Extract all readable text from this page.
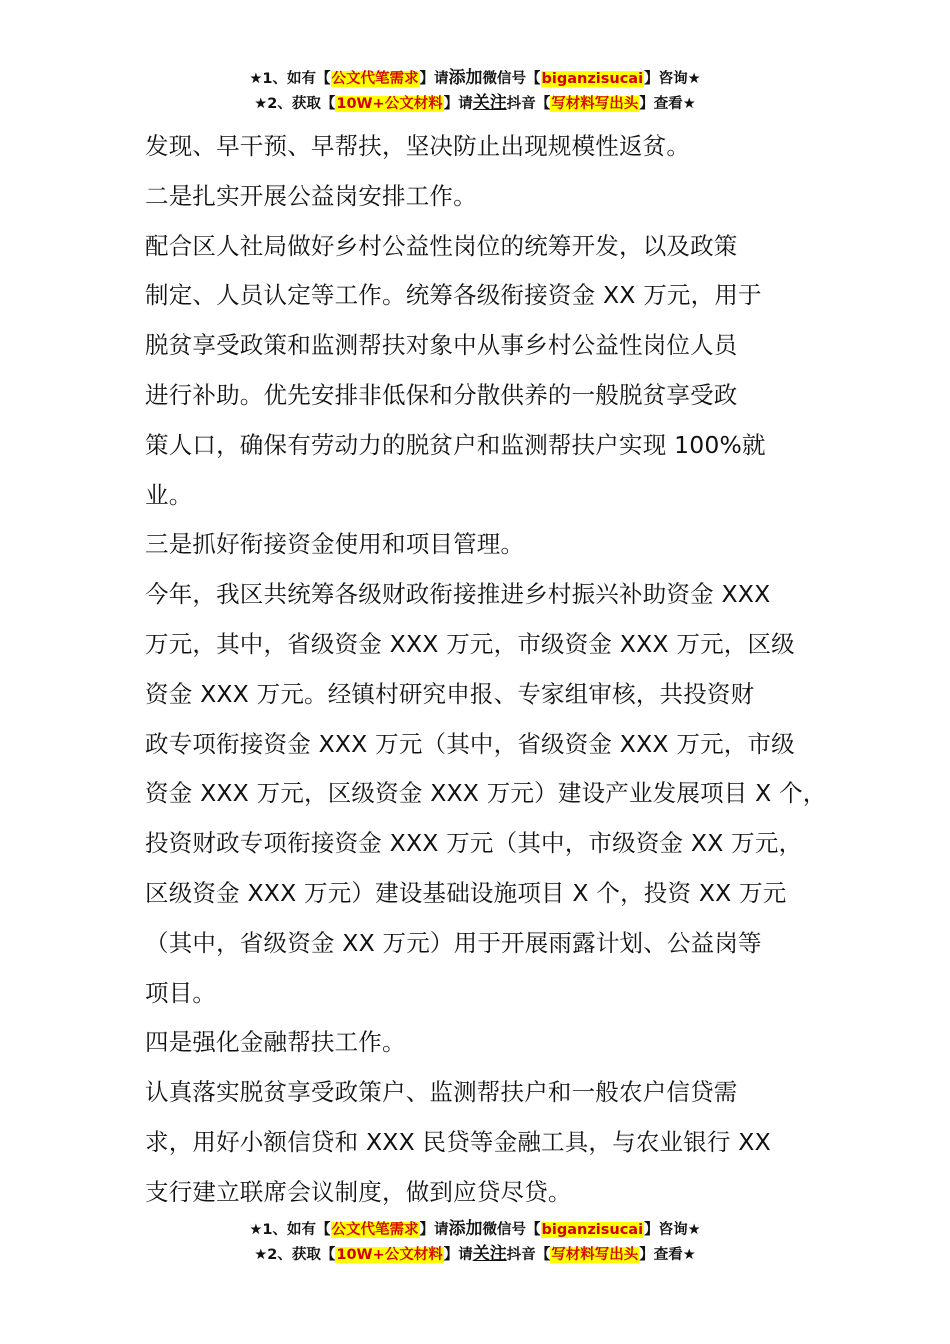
★1、如有【公文代笔需求】请添加微信号【biganzisucai】咨询★
★2、获取【10W+公文材料】请关注抖音【写材料写出头】查看★

发现、早干预、早帮扶，坚决防止出现规模性返贫。

二是扎实开展公益岗安排工作。

配合区人社局做好乡村公益性岗位的统筹开发，以及政策

制定、人员认定等工作。统筹各级衔接资金 XX 万元，用于

脱贫享受政策和监测帮扶对象中从事乡村公益性岗位人员

进行补助。优先安排非低保和分散供养的一般脱贫享受政

策人口，确保有劳动力的脱贫户和监测帮扶户实现 100%就

业。

三是抓好衔接资金使用和项目管理。

今年，我区共统筹各级财政衔接推进乡村振兴补助资金 XXX

万元，其中，省级资金 XXX 万元，市级资金 XXX 万元，区级

资金 XXX 万元。经镇村研究申报、专家组审核，共投资财

政专项衔接资金 XXX 万元（其中，省级资金 XXX 万元，市级

资金 XXX 万元，区级资金 XXX 万元）建设产业发展项目 X 个，

投资财政专项衔接资金 XXX 万元（其中，市级资金 XX 万元，

区级资金 XXX 万元）建设基础设施项目 X 个，投资 XX 万元

（其中，省级资金 XX 万元）用于开展雨露计划、公益岗等

项目。

四是强化金融帮扶工作。

认真落实脱贫享受政策户、监测帮扶户和一般农户信贷需

求，用好小额信贷和 XXX 民贷等金融工具，与农业银行 XX

支行建立联席会议制度，做到应贷尽贷。

★1、如有【公文代笔需求】请添加微信号【biganzisucai】咨询★
★2、获取【10W+公文材料】请关注抖音【写材料写出头】查看★
